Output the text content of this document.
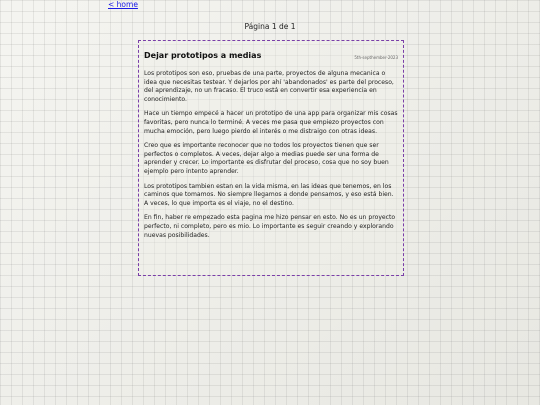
< home
Página 1 de 1
Dejar prototipos a medias	5th-septhember-2023

Los prototipos son eso, pruebas de una parte, proyectos de alguna mecanica o idea que necesitas testear. Y dejarlos por ahí 'abandonados' es parte del proceso, del aprendizaje, no un fracaso. El truco está en convertir esa experiencia en conocimiento.

Hace un tiempo empecé a hacer un prototipo de una app para organizar mis cosas favoritas, pero nunca lo terminé. A veces me pasa que empiezo proyectos con mucha emoción, pero luego pierdo el interés o me distraigo con otras ideas.

Creo que es importante reconocer que no todos los proyectos tienen que ser perfectos o completos. A veces, dejar algo a medias puede ser una forma de aprender y crecer. Lo importante es disfrutar del proceso, cosa que no soy buen ejemplo pero intento aprender.

Los prototipos tambien estan en la vida misma, en las ideas que tenemos, en los caminos que tomamos. No siempre llegamos a donde pensamos, y eso está bien. A veces, lo que importa es el viaje, no el destino.

En fin, haber re empezado esta pagina me hizo pensar en esto. No es un proyecto perfecto, ni completo, pero es mio. Lo importante es seguir creando y explorando nuevas posibilidades.
